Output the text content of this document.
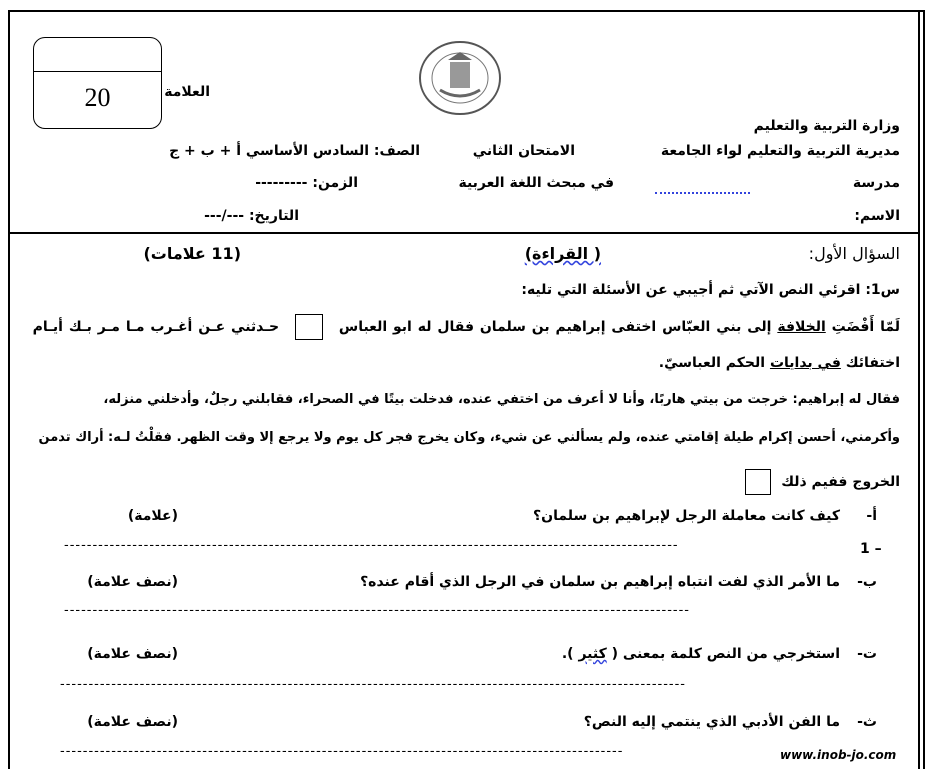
20	العلامة
وزارة التربية والتعليم
مديرية التربية والتعليم لواء الجامعة
الامتحان الثاني
الصف: السادس الأساسي أ + ب + ج
مدرسة
في مبحث اللغة العربية
الزمن: ---------
الاسم:
التاريخ: ---/---
السؤال الأول:
( القراءة)
(11 علامات)
س1: اقرئي النص الآتي ثم أجيبي عن الأسئلة التي تليه:
لَمّا أَفْضَتِ الخلافة إلى بني العبّاس اختفى إبراهيم بن سلمان فقال له ابو العباس  حـدثني عـن أغـرب مـا مـر بـك أيـام
اختفائك في بدايات الحكم العباسيّ.
فقال له إبراهيم: خرجت من بيتي هاربًا، وأنا لا أعرف من اختفي عنده، فدخلت بيتًا في الصحراء، فقابلني رجلٌ، وأدخلني منزله،
وأكرمني، أحسن إكرام طيلة إقامتي عنده، ولم يسألني عن شيء، وكان يخرج فجر كل يوم ولا يرجع إلا وقت الظهر. فقلْتُ لـه: أراك تدمن
الخروج ففيم ذلك
أ-
كيف كانت معاملة الرجل لإبراهيم بن سلمان؟
(علامة)
------------------------------------------------------------------------------------------------------------	1 –
ب-
ما الأمر الذي لفت انتباه إبراهيم بن سلمان في الرجل الذي أقام عنده؟
(نصف علامة)
--------------------------------------------------------------------------------------------------------------
ت-
استخرجي من النص كلمة بمعنى ( كثير ).
(نصف علامة)
--------------------------------------------------------------------------------------------------------------
ث-
ما الفن الأدبي الذي ينتمي إليه النص؟
(نصف علامة)
---------------------------------------------------------------------------------------------------	www.inob-jo.com
